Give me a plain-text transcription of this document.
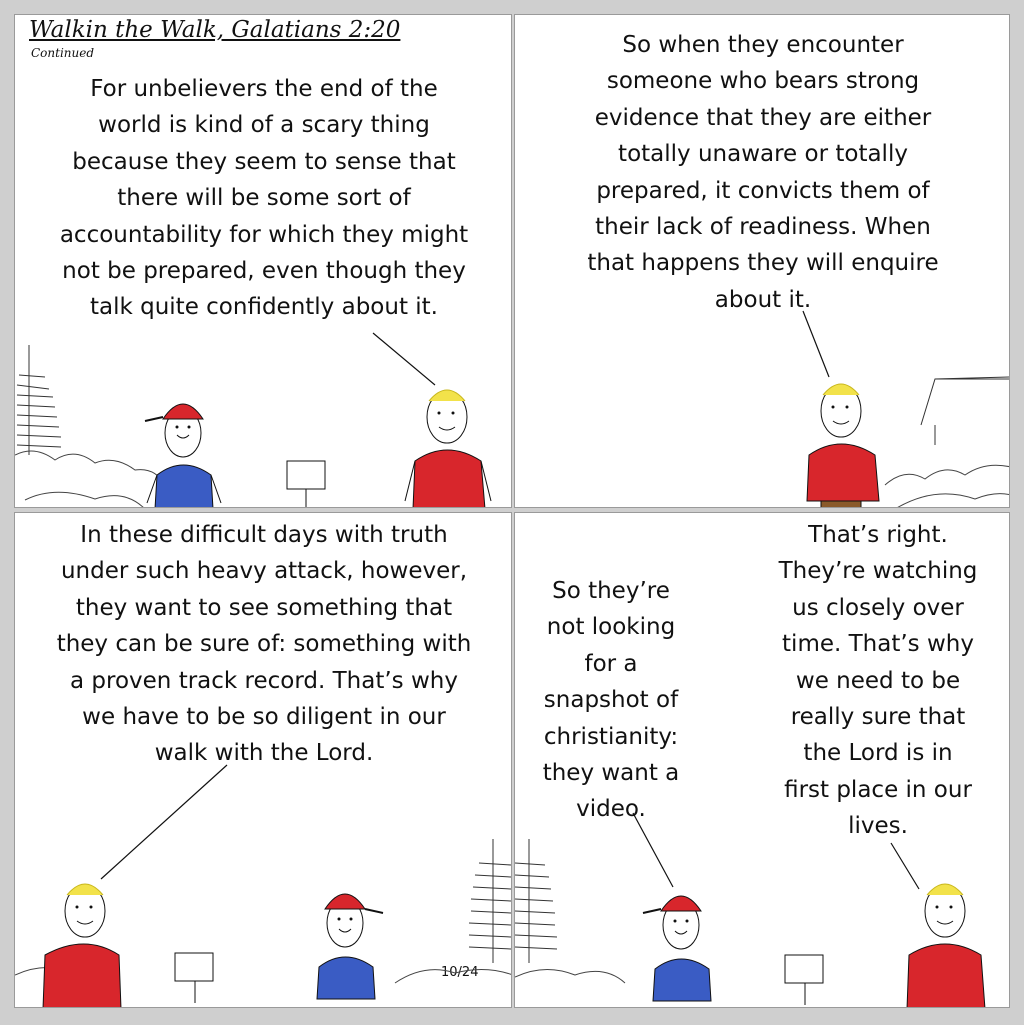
Walkin the Walk, Galatians 2:20
Continued
For unbelievers the end of the
world is kind of a scary thing
because they seem to sense that
there will be some sort of
accountability for which they might
not be prepared, even though they
talk quite confidently about it.
So when they encounter
someone who bears strong
evidence that they are either
totally unaware or totally
prepared, it convicts them of
their lack of readiness. When
that happens they will enquire
about it.
In these difficult days with truth
under such heavy attack, however,
they want to see something that
they can be sure of: something with
a proven track record. That’s why
we have to be so diligent in our
walk with the Lord.
10/24
So they’re
not looking
for a
snapshot of
christianity:
they want a
video.
That’s right.
They’re watching
us closely over
time. That’s why
we need to be
really sure that
the Lord is in
first place in our
lives.
